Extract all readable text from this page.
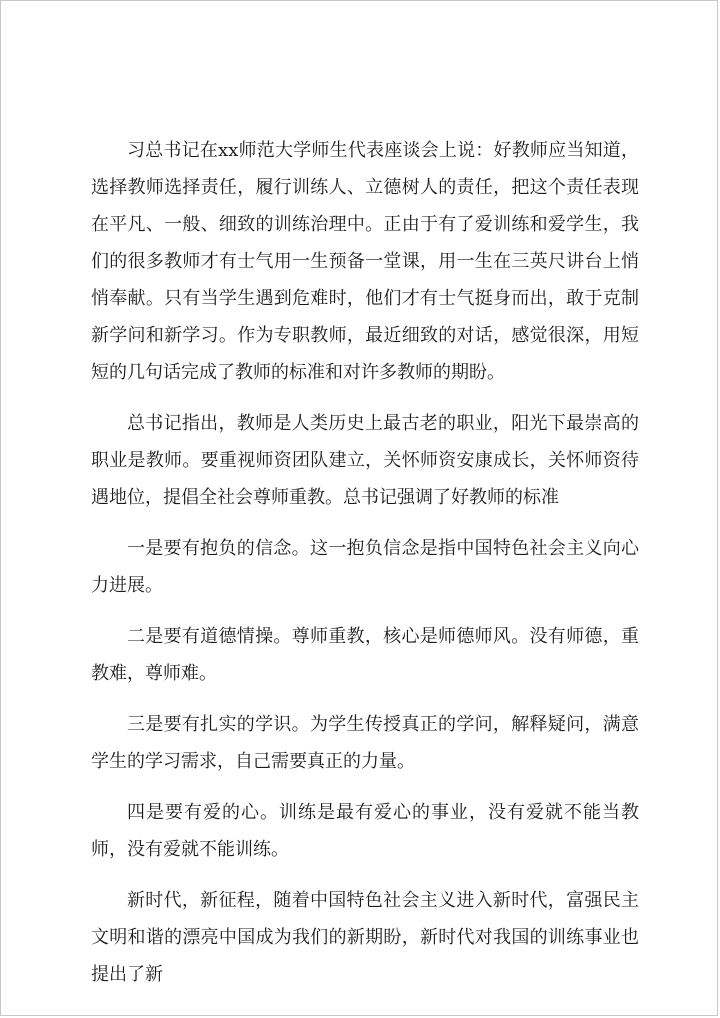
习总书记在xx师范大学师生代表座谈会上说：好教师应当知道，选择教师选择责任，履行训练人、立德树人的责任，把这个责任表现在平凡、一般、细致的训练治理中。正由于有了爱训练和爱学生，我们的很多教师才有士气用一生预备一堂课，用一生在三英尺讲台上悄悄奉献。只有当学生遇到危难时，他们才有士气挺身而出，敢于克制新学问和新学习。作为专职教师，最近细致的对话，感觉很深，用短短的几句话完成了教师的标准和对许多教师的期盼。

总书记指出，教师是人类历史上最古老的职业，阳光下最崇高的职业是教师。要重视师资团队建立，关怀师资安康成长，关怀师资待遇地位，提倡全社会尊师重教。总书记强调了好教师的标准

一是要有抱负的信念。这一抱负信念是指中国特色社会主义向心力进展。

二是要有道德情操。尊师重教，核心是师德师风。没有师德，重教难，尊师难。

三是要有扎实的学识。为学生传授真正的学问，解释疑问，满意学生的学习需求，自己需要真正的力量。

四是要有爱的心。训练是最有爱心的事业，没有爱就不能当教师，没有爱就不能训练。

新时代，新征程，随着中国特色社会主义进入新时代，富强民主文明和谐的漂亮中国成为我们的新期盼，新时代对我国的训练事业也提出了新
